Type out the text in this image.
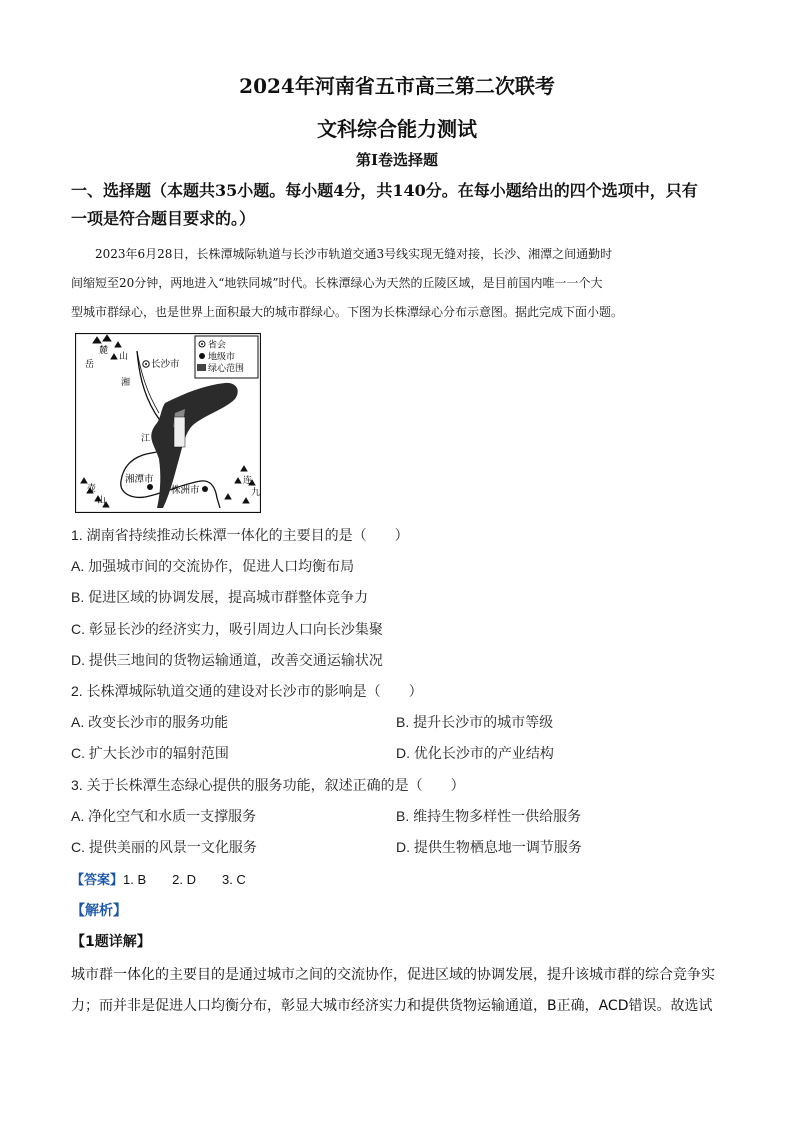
2024年河南省五市高三第二次联考
文科综合能力测试
第Ⅰ卷选择题
一、选择题（本题共35小题。每小题4分，共140分。在每小题给出的四个选项中，只有
一项是符合题目要求的。）
2023年6月28日，长株潭城际轨道与长沙市轨道交通3号线实现无缝对接，长沙、湘潭之间通勤时
间缩短至20分钟，两地进入“地铁同城”时代。长株潭绿心为天然的丘陵区域，是目前国内唯一一个大
型城市群绿心，也是世界上面积最大的城市群绿心。下图为长株潭绿心分布示意图。据此完成下面小题。
省会
地级市
绿心范围
岳
麓
山
湘
江
壶
山
九
连
长沙市
湘潭市
株洲市
1. 湖南省持续推动长株潭一体化的主要目的是（　　）
A. 加强城市间的交流协作，促进人口均衡布局
B. 促进区域的协调发展，提高城市群整体竞争力
C. 彰显长沙的经济实力，吸引周边人口向长沙集聚
D. 提供三地间的货物运输通道，改善交通运输状况
2. 长株潭城际轨道交通的建设对长沙市的影响是（　　）
A. 改变长沙市的服务功能	B. 提升长沙市的城市等级
C. 扩大长沙市的辐射范围	D. 优化长沙市的产业结构
3. 关于长株潭生态绿心提供的服务功能，叙述正确的是（　　）
A. 净化空气和水质一支撑服务	B. 维持生物多样性一供给服务
C. 提供美丽的风景一文化服务	D. 提供生物栖息地一调节服务
【答案】1. B　　2. D　　3. C
【解析】
【1题详解】
城市群一体化的主要目的是通过城市之间的交流协作，促进区域的协调发展，提升该城市群的综合竞争实
力；而并非是促进人口均衡分布，彰显大城市经济实力和提供货物运输通道，B正确，ACD错误。故选试
